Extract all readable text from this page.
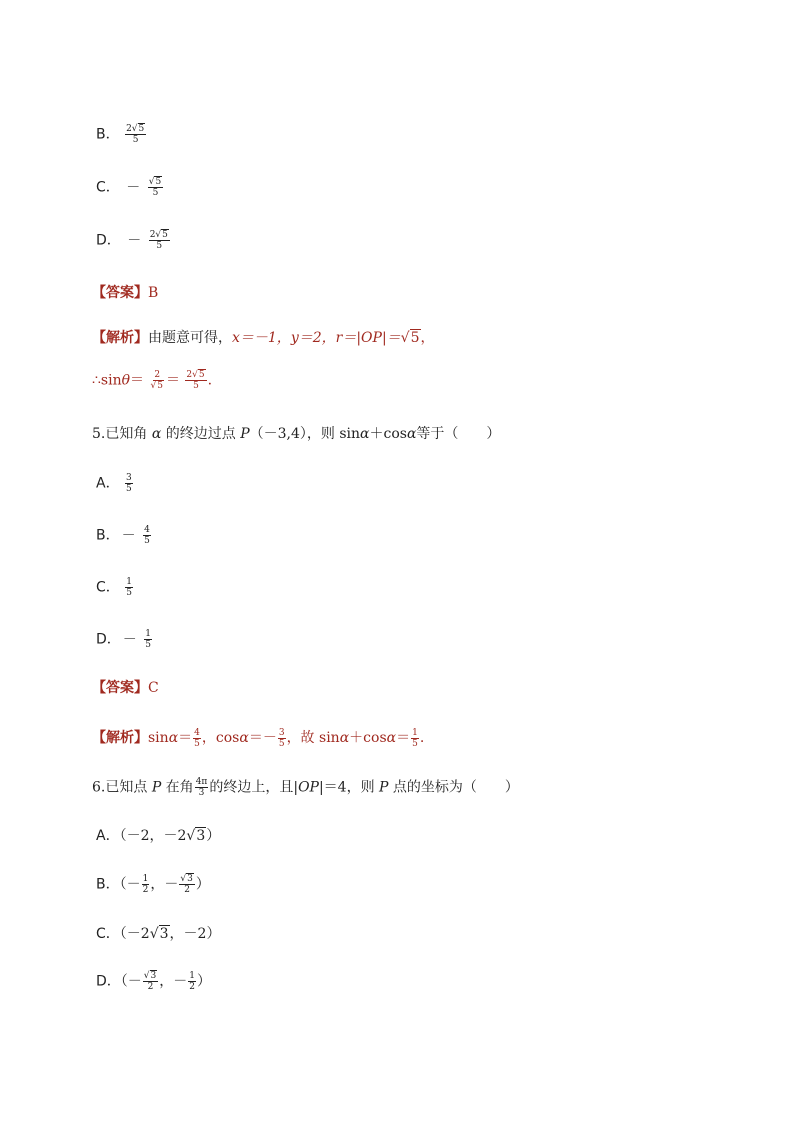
B． $\frac{2√5}{5}$
C． － $\frac{√5}{5}$
D． － $\frac{2√5}{5}$
【答案】B
【解析】由题意可得，x＝－1，y＝2，r＝|OP|＝√5，
∴sinθ＝ $\frac{2}{√5} = \frac{2√5}{5}$ .
5.已知角 α 的终边过点 P（－3,4），则 sinα＋cosα等于（　　）
A． $\frac{3}{5}$
B． － $\frac{4}{5}$
C． $\frac{1}{5}$
D． － $\frac{1}{5}$
【答案】C
【解析】$\sin\alpha= \frac{4}{5}$ ，$\cos\alpha=- \frac{3}{5}$ ，故 $\sin\alpha+\cos\alpha= \frac{1}{5}$ .
6.已知点 P 在角 $\frac{4\pi}{3}$ 的终边上，且|OP|＝4，则 P 点的坐标为（　　）
A．（－2，－2√3）
B．（－ $\frac{1}{2}$ ，－ $\frac{√3}{2}$ ）
C．（－2√3，－2）
D．（－ $\frac{√3}{2}$ ，－ $\frac{1}{2}$ ）
